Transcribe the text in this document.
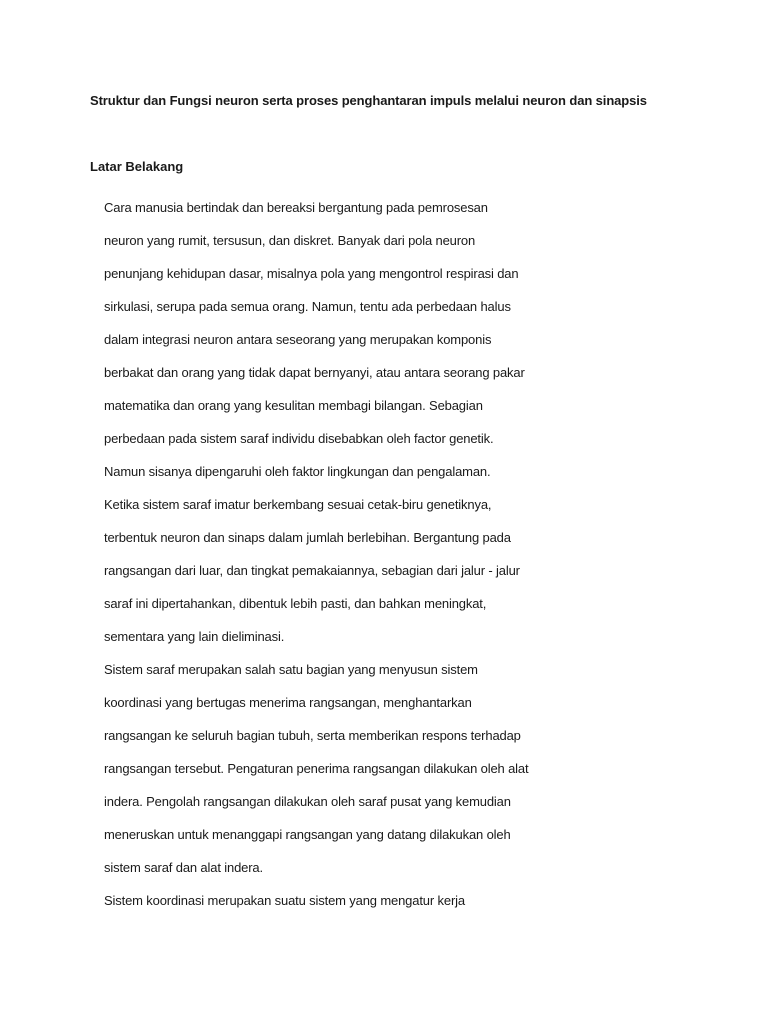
Struktur dan Fungsi neuron serta proses penghantaran impuls melalui neuron dan sinapsis
Latar Belakang
Cara manusia bertindak dan bereaksi bergantung pada pemrosesan
neuron yang rumit, tersusun, dan diskret. Banyak dari pola neuron
penunjang kehidupan dasar, misalnya pola yang mengontrol respirasi dan
sirkulasi, serupa pada semua orang. Namun, tentu ada perbedaan halus
dalam integrasi neuron antara seseorang yang merupakan komponis
berbakat dan orang yang tidak dapat bernyanyi, atau antara seorang pakar
matematika dan orang yang kesulitan membagi bilangan. Sebagian
perbedaan pada sistem saraf individu disebabkan oleh factor genetik.
Namun sisanya dipengaruhi oleh faktor lingkungan dan pengalaman.
Ketika sistem saraf imatur berkembang sesuai cetak-biru genetiknya,
terbentuk neuron dan sinaps dalam jumlah berlebihan. Bergantung pada
rangsangan dari luar, dan tingkat pemakaiannya, sebagian dari jalur - jalur
saraf ini dipertahankan, dibentuk lebih pasti, dan bahkan meningkat,
sementara yang lain dieliminasi.
Sistem saraf merupakan salah satu bagian yang menyusun sistem
koordinasi yang bertugas menerima rangsangan, menghantarkan
rangsangan ke seluruh bagian tubuh, serta memberikan respons terhadap
rangsangan tersebut. Pengaturan penerima rangsangan dilakukan oleh alat
indera. Pengolah rangsangan dilakukan oleh saraf pusat yang kemudian
meneruskan untuk menanggapi rangsangan yang datang dilakukan oleh
sistem saraf dan alat indera.
Sistem koordinasi merupakan suatu sistem yang mengatur kerja
